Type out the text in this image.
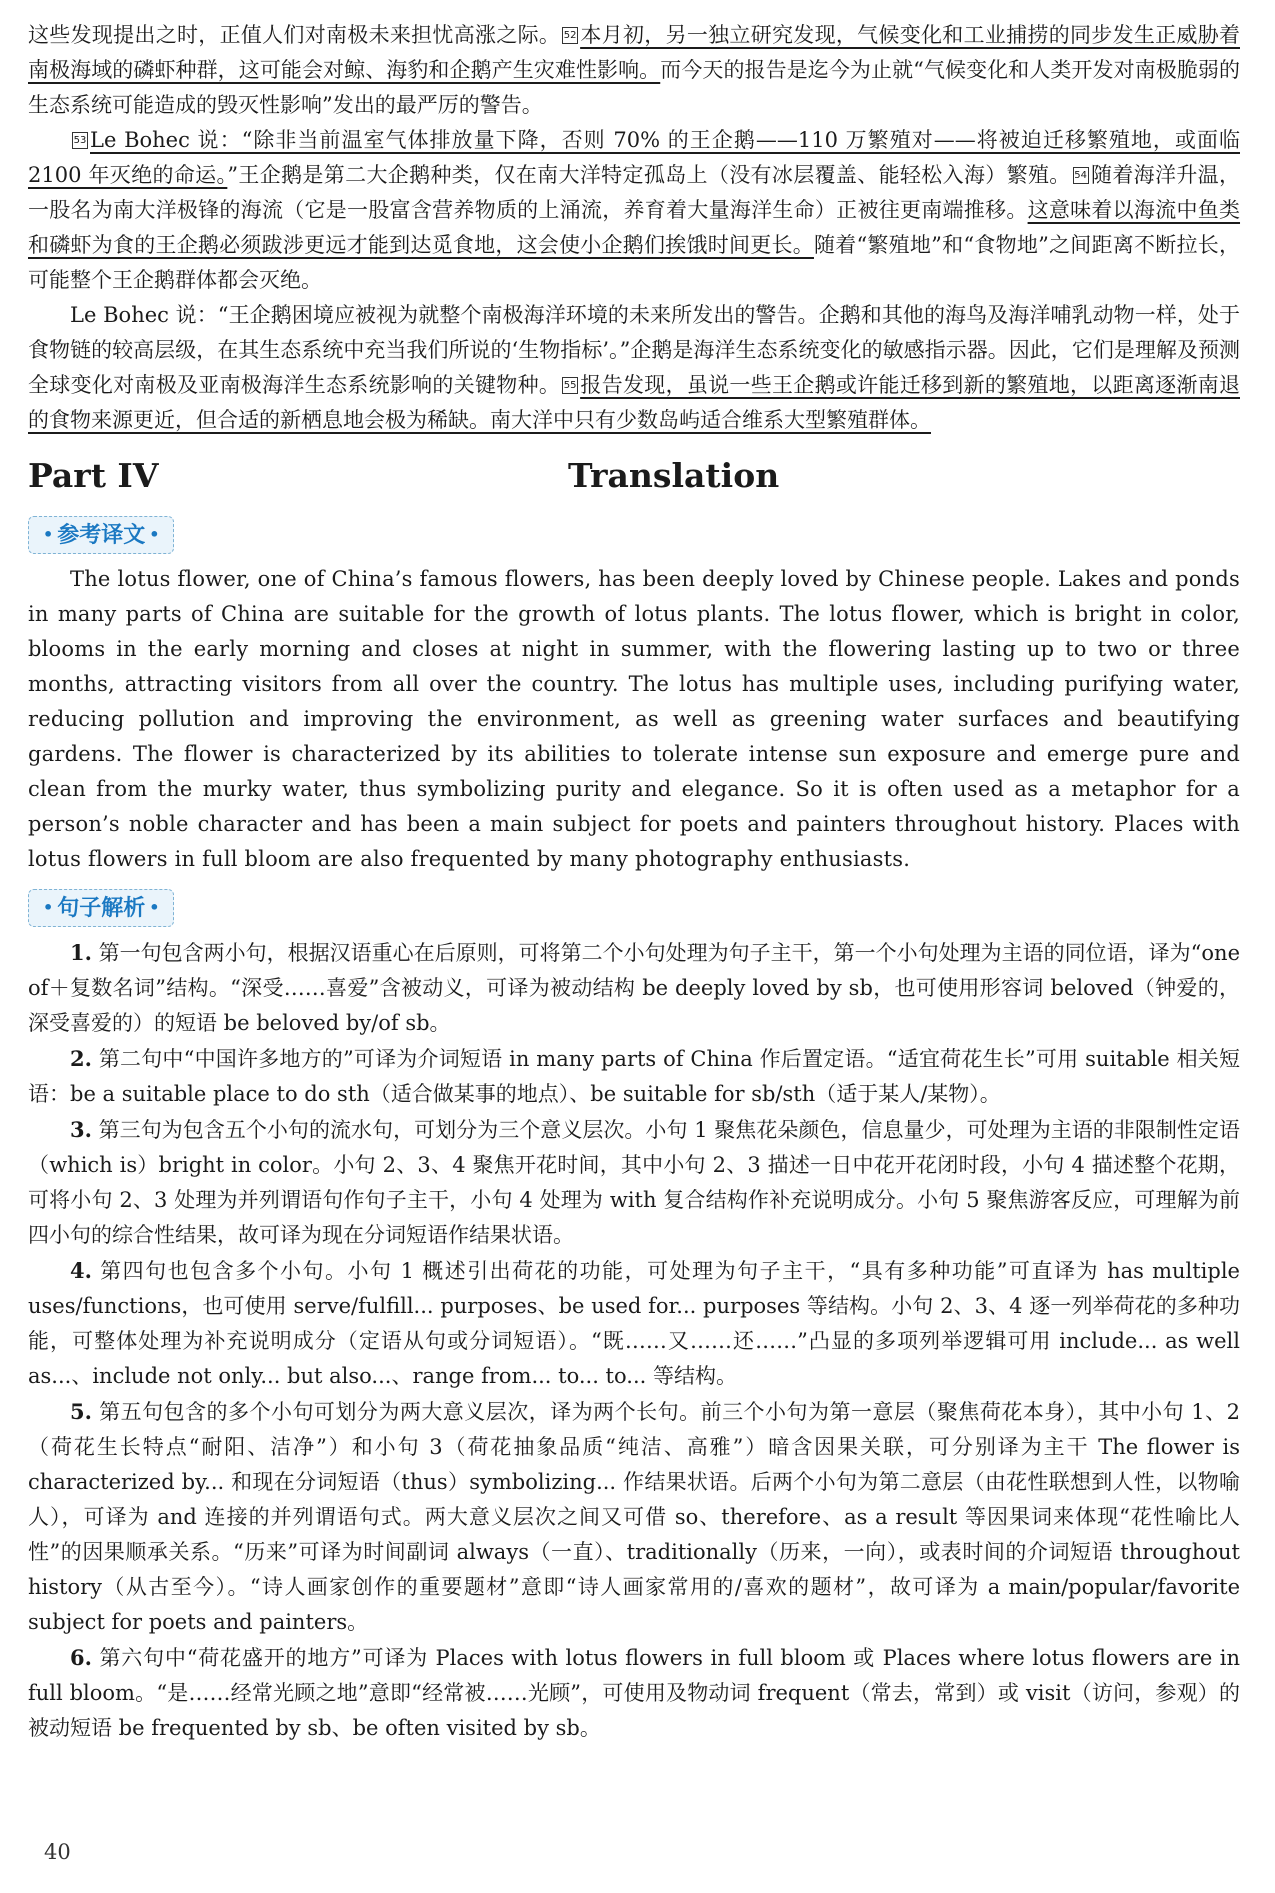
这些发现提出之时，正值人们对南极未来担忧高涨之际。 52 本月初，另一独立研究发现，气候变化和工业捕捞的同步发生正威胁着南极海域的磷虾种群，这可能会对鲸、海豹和企鹅产生灾难性影响。而今天的报告是迄今为止就“气候变化和人类开发对南极脆弱的生态系统可能造成的毁灭性影响”发出的最严厉的警告。

53 Le Bohec 说：“除非当前温室气体排放量下降，否则 70% 的王企鹅——110 万繁殖对——将被迫迁移繁殖地，或面临 2100 年灭绝的命运。”王企鹅是第二大企鹅种类，仅在南大洋特定孤岛上（没有冰层覆盖、能轻松入海）繁殖。 54 随着海洋升温，一股名为南大洋极锋的海流（它是一股富含营养物质的上涌流，养育着大量海洋生命）正被往更南端推移。这意味着以海流中鱼类和磷虾为食的王企鹅必须跋涉更远才能到达觅食地，这会使小企鹅们挨饿时间更长。随着“繁殖地”和“食物地”之间距离不断拉长，可能整个王企鹅群体都会灭绝。

Le Bohec 说：“王企鹅困境应被视为就整个南极海洋环境的未来所发出的警告。企鹅和其他的海鸟及海洋哺乳动物一样，处于食物链的较高层级，在其生态系统中充当我们所说的‘生物指标’。”企鹅是海洋生态系统变化的敏感指示器。因此，它们是理解及预测全球变化对南极及亚南极海洋生态系统影响的关键物种。 55 报告发现，虽说一些王企鹅或许能迁移到新的繁殖地，以距离逐渐南退的食物来源更近，但合适的新栖息地会极为稀缺。南大洋中只有少数岛屿适合维系大型繁殖群体。

Part IV	Translation
• 参考译文 •

The lotus flower, one of China’s famous flowers, has been deeply loved by Chinese people. Lakes and ponds in many parts of China are suitable for the growth of lotus plants. The lotus flower, which is bright in color, blooms in the early morning and closes at night in summer, with the flowering lasting up to two or three months, attracting visitors from all over the country. The lotus has multiple uses, including purifying water, reducing pollution and improving the environment, as well as greening water surfaces and beautifying gardens. The flower is characterized by its abilities to tolerate intense sun exposure and emerge pure and clean from the murky water, thus symbolizing purity and elegance. So it is often used as a metaphor for a person’s noble character and has been a main subject for poets and painters throughout history. Places with lotus flowers in full bloom are also frequented by many photography enthusiasts.

• 句子解析 •

1. 第一句包含两小句，根据汉语重心在后原则，可将第二个小句处理为句子主干，第一个小句处理为主语的同位语，译为“one of＋复数名词”结构。“深受……喜爱”含被动义，可译为被动结构 be deeply loved by sb，也可使用形容词 beloved（钟爱的，深受喜爱的）的短语 be beloved by/of sb。

2. 第二句中“中国许多地方的”可译为介词短语 in many parts of China 作后置定语。“适宜荷花生长”可用 suitable 相关短语：be a suitable place to do sth（适合做某事的地点）、be suitable for sb/sth（适于某人/某物）。

3. 第三句为包含五个小句的流水句，可划分为三个意义层次。小句 1 聚焦花朵颜色，信息量少，可处理为主语的非限制性定语（which is）bright in color。小句 2、3、4 聚焦开花时间，其中小句 2、3 描述一日中花开花闭时段，小句 4 描述整个花期，可将小句 2、3 处理为并列谓语句作句子主干，小句 4 处理为 with 复合结构作补充说明成分。小句 5 聚焦游客反应，可理解为前四小句的综合性结果，故可译为现在分词短语作结果状语。

4. 第四句也包含多个小句。小句 1 概述引出荷花的功能，可处理为句子主干，“具有多种功能”可直译为 has multiple uses/functions，也可使用 serve/fulfill... purposes、be used for... purposes 等结构。小句 2、3、4 逐一列举荷花的多种功能，可整体处理为补充说明成分（定语从句或分词短语）。“既……又……还……”凸显的多项列举逻辑可用 include... as well as...、include not only... but also...、range from... to... to... 等结构。

5. 第五句包含的多个小句可划分为两大意义层次，译为两个长句。前三个小句为第一意层（聚焦荷花本身），其中小句 1、2（荷花生长特点“耐阳、洁净”）和小句 3（荷花抽象品质“纯洁、高雅”）暗含因果关联，可分别译为主干 The flower is characterized by... 和现在分词短语（thus）symbolizing... 作结果状语。后两个小句为第二意层（由花性联想到人性，以物喻人），可译为 and 连接的并列谓语句式。两大意义层次之间又可借 so、therefore、as a result 等因果词来体现“花性喻比人性”的因果顺承关系。“历来”可译为时间副词 always（一直）、traditionally（历来，一向），或表时间的介词短语 throughout history（从古至今）。“诗人画家创作的重要题材”意即“诗人画家常用的/喜欢的题材”，故可译为 a main/popular/favorite subject for poets and painters。

6. 第六句中“荷花盛开的地方”可译为 Places with lotus flowers in full bloom 或 Places where lotus flowers are in full bloom。“是……经常光顾之地”意即“经常被……光顾”，可使用及物动词 frequent（常去，常到）或 visit（访问，参观）的被动短语 be frequented by sb、be often visited by sb。

40
